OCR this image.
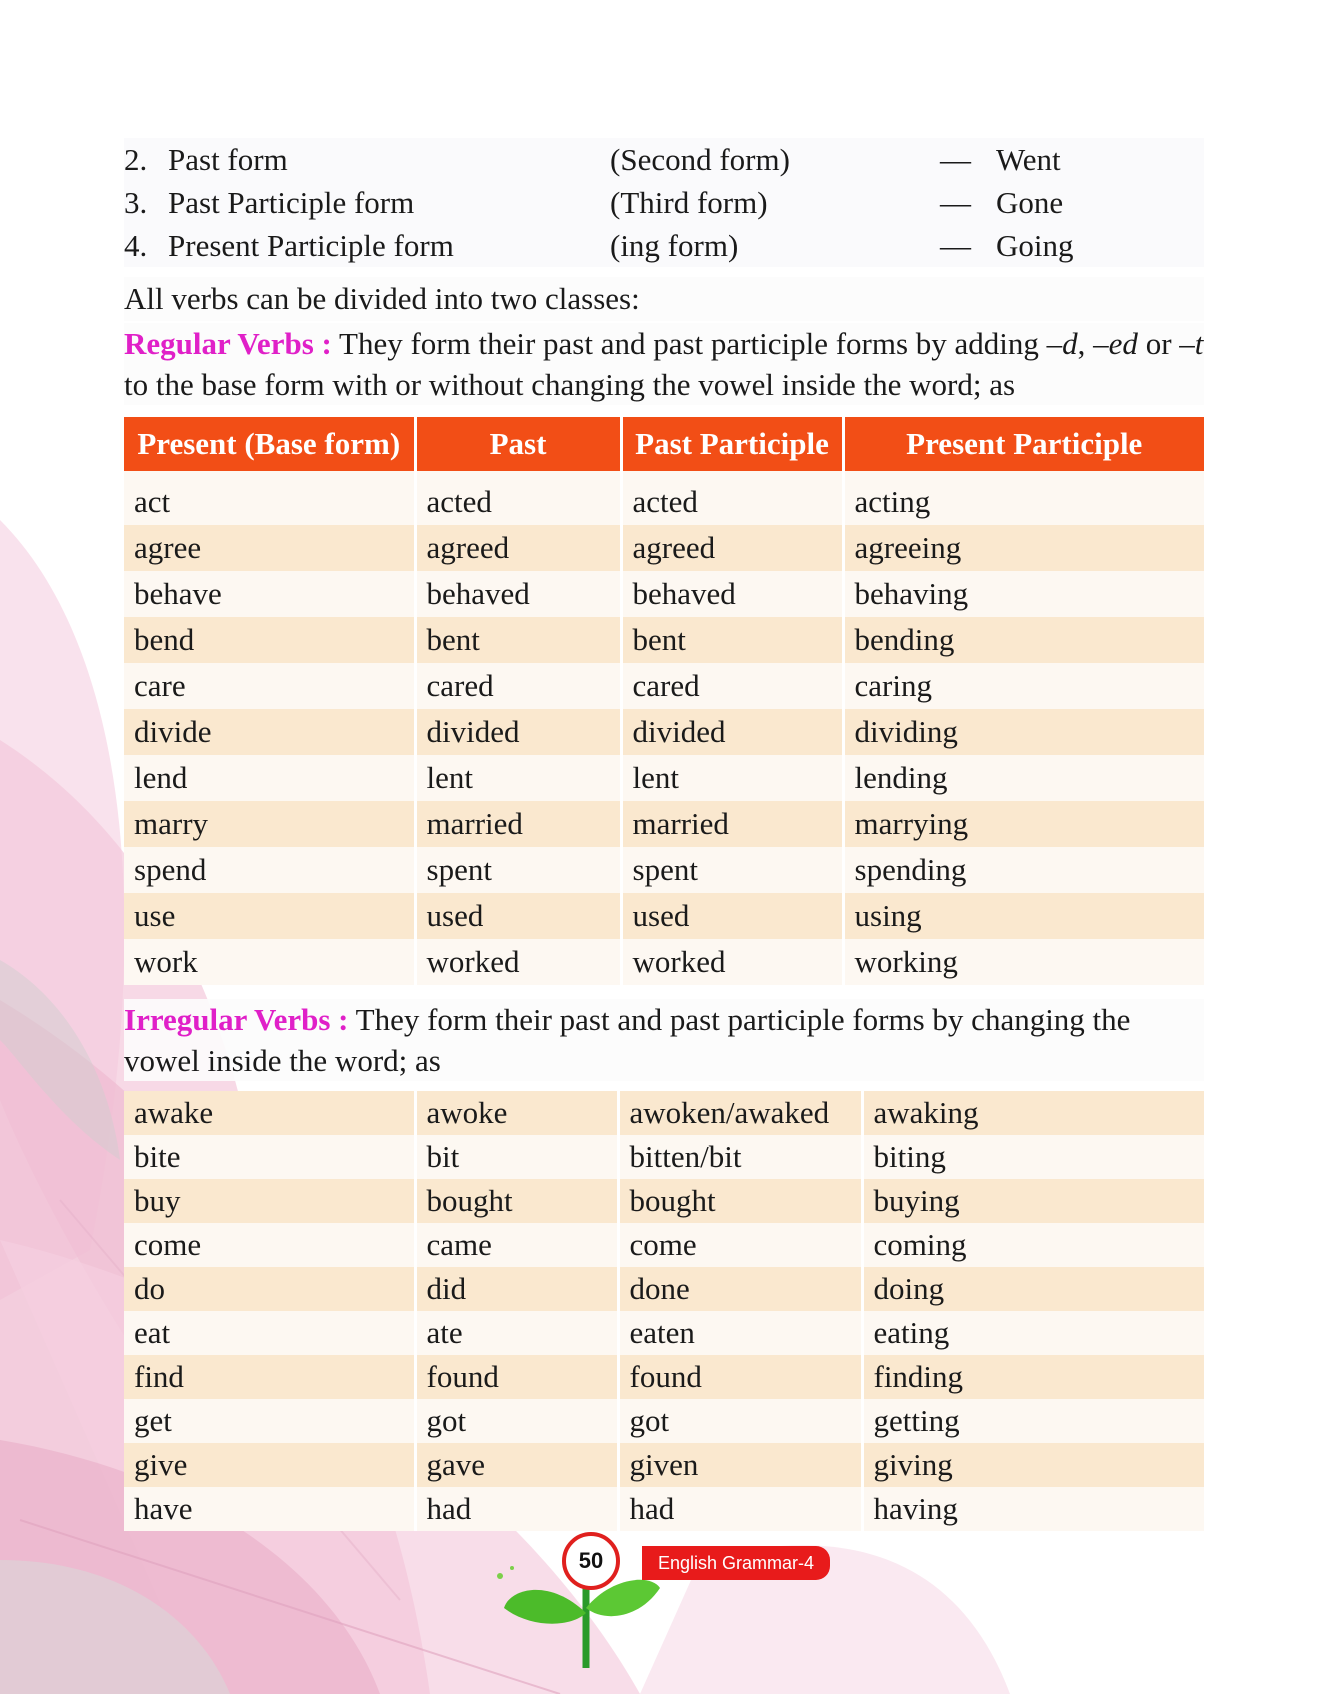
2. Past form	(Second form)	— Went
3. Past Participle form	(Third form)	— Gone
4. Present Participle form	(ing form)	— Going
All verbs can be divided into two classes:
Regular Verbs : They form their past and past participle forms by adding –d, –ed or –t to the base form with or without changing the vowel inside the word; as
Present (Base form)	Past	Past Participle	Present Participle
act	acted	acted	acting
agree	agreed	agreed	agreeing
behave	behaved	behaved	behaving
bend	bent	bent	bending
care	cared	cared	caring
divide	divided	divided	dividing
lend	lent	lent	lending
marry	married	married	marrying
spend	spent	spent	spending
use	used	used	using
work	worked	worked	working
Irregular Verbs : They form their past and past participle forms by changing the vowel inside the word; as
awake	awoke	awoken/awaked	awaking
bite	bit	bitten/bit	biting
buy	bought	bought	buying
come	came	come	coming
do	did	done	doing
eat	ate	eaten	eating
find	found	found	finding
get	got	got	getting
give	gave	given	giving
have	had	had	having
50	English Grammar-4
